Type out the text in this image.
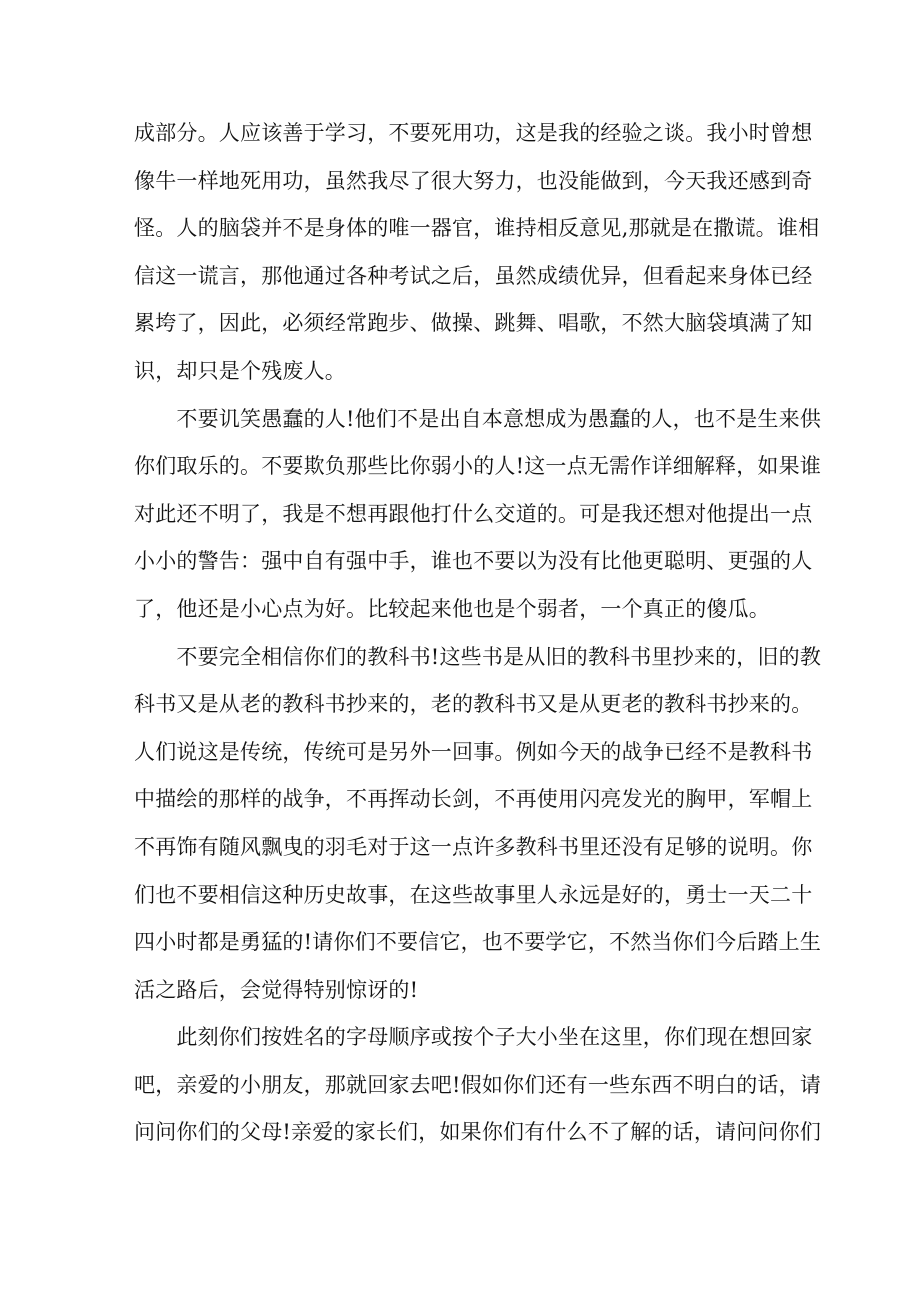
成部分。人应该善于学习，不要死用功，这是我的经验之谈。我小时曾想
像牛一样地死用功，虽然我尽了很大努力，也没能做到，今天我还感到奇
怪。人的脑袋并不是身体的唯一器官，谁持相反意见,那就是在撒谎。谁相
信这一谎言，那他通过各种考试之后，虽然成绩优异，但看起来身体已经
累垮了，因此，必须经常跑步、做操、跳舞、唱歌，不然大脑袋填满了知
识，却只是个残废人。
　　不要讥笑愚蠢的人!他们不是出自本意想成为愚蠢的人，也不是生来供
你们取乐的。不要欺负那些比你弱小的人!这一点无需作详细解释，如果谁
对此还不明了，我是不想再跟他打什么交道的。可是我还想对他提出一点
小小的警告：强中自有强中手，谁也不要以为没有比他更聪明、更强的人
了，他还是小心点为好。比较起来他也是个弱者，一个真正的傻瓜。
　　不要完全相信你们的教科书!这些书是从旧的教科书里抄来的，旧的教
科书又是从老的教科书抄来的，老的教科书又是从更老的教科书抄来的。
人们说这是传统，传统可是另外一回事。例如今天的战争已经不是教科书
中描绘的那样的战争，不再挥动长剑，不再使用闪亮发光的胸甲，军帽上
不再饰有随风飘曳的羽毛对于这一点许多教科书里还没有足够的说明。你
们也不要相信这种历史故事，在这些故事里人永远是好的，勇士一天二十
四小时都是勇猛的!请你们不要信它，也不要学它，不然当你们今后踏上生
活之路后，会觉得特别惊讶的!
　　此刻你们按姓名的字母顺序或按个子大小坐在这里，你们现在想回家
吧，亲爱的小朋友，那就回家去吧!假如你们还有一些东西不明白的话，请
问问你们的父母!亲爱的家长们，如果你们有什么不了解的话，请问问你们
